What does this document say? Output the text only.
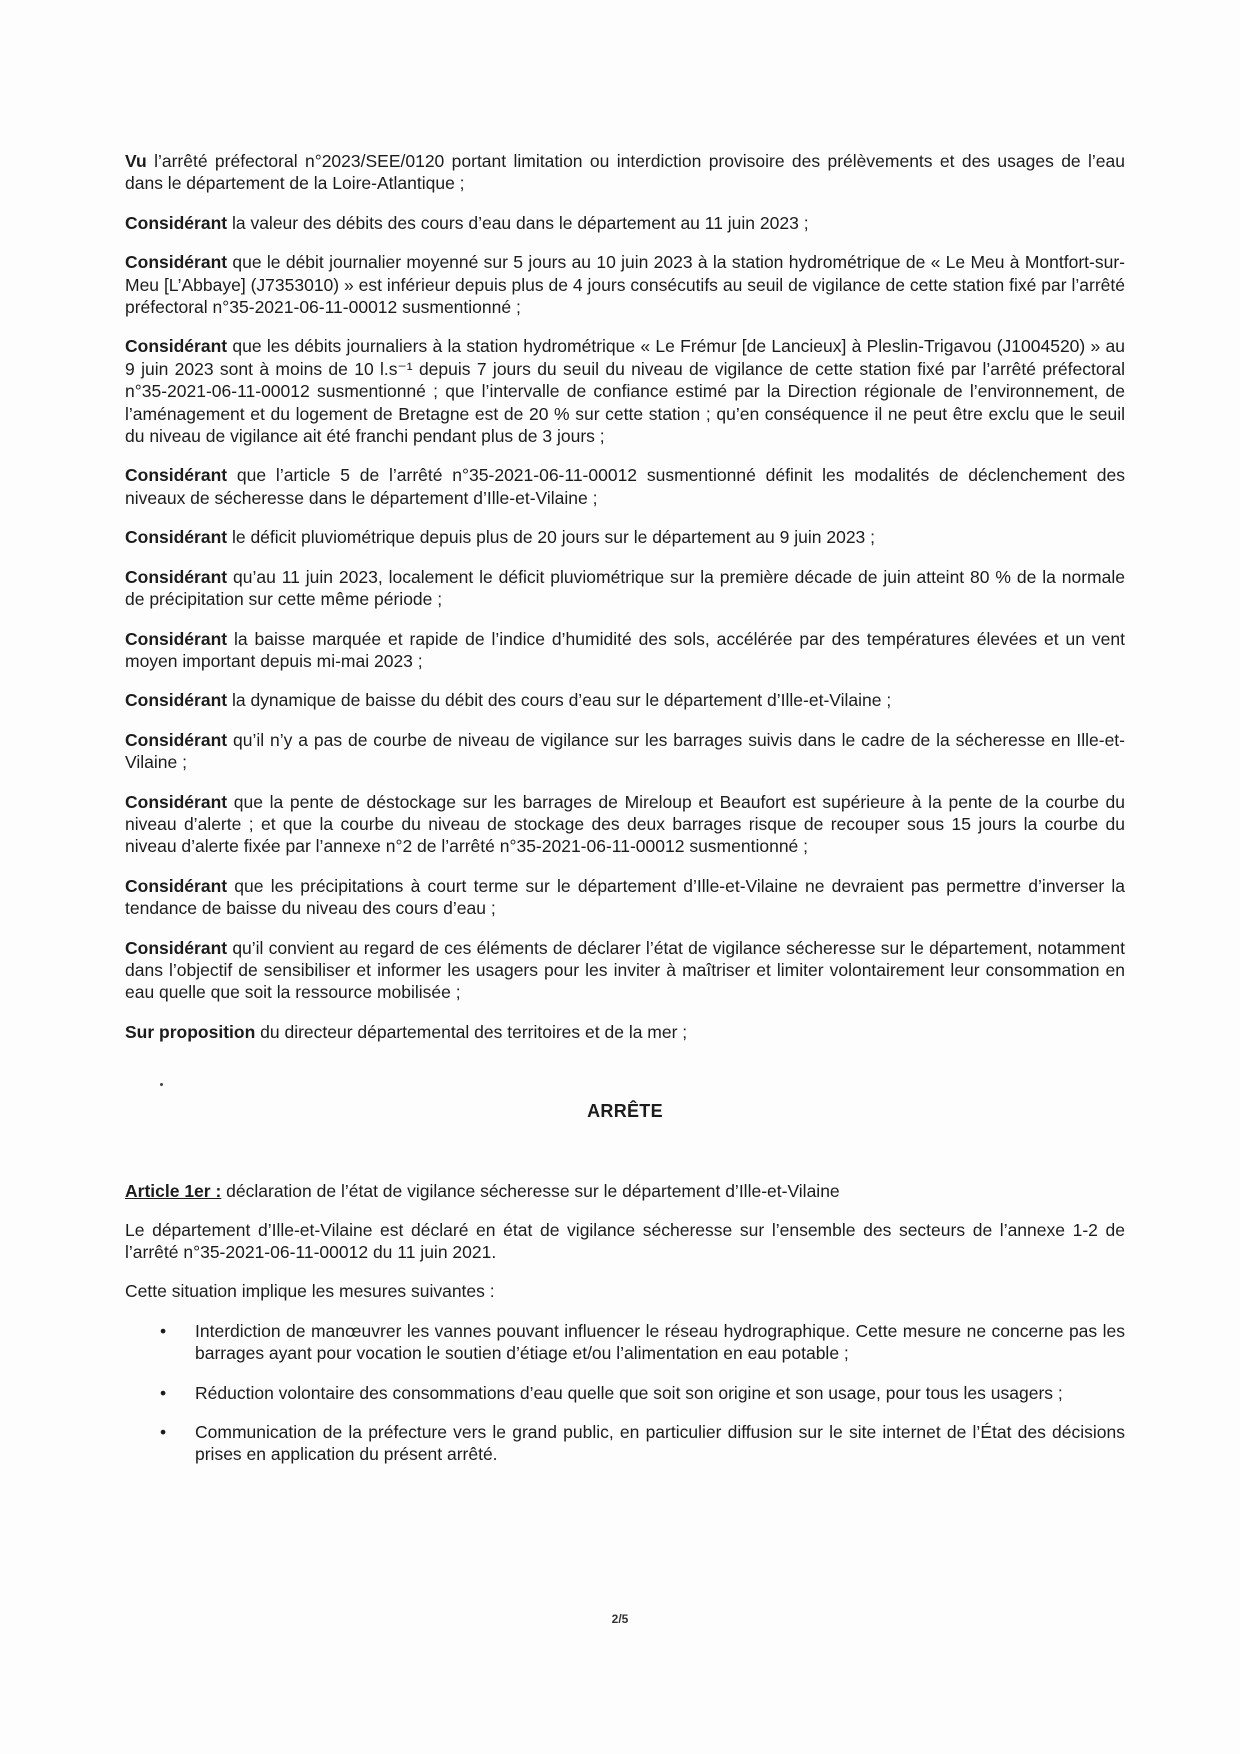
Vu l’arrêté préfectoral n°2023/SEE/0120 portant limitation ou interdiction provisoire des prélèvements et des usages de l’eau dans le département de la Loire-Atlantique ;

Considérant la valeur des débits des cours d’eau dans le département au 11 juin 2023 ;

Considérant que le débit journalier moyenné sur 5 jours au 10 juin 2023 à la station hydrométrique de « Le Meu à Montfort-sur-Meu [L’Abbaye] (J7353010) » est inférieur depuis plus de 4 jours consécutifs au seuil de vigilance de cette station fixé par l’arrêté préfectoral n°35-2021-06-11-00012 susmentionné ;

Considérant que les débits journaliers à la station hydrométrique « Le Frémur [de Lancieux] à Pleslin-Trigavou (J1004520) » au 9 juin 2023 sont à moins de 10 l.s⁻¹ depuis 7 jours du seuil du niveau de vigilance de cette station fixé par l’arrêté préfectoral n°35-2021-06-11-00012 susmentionné ; que l’intervalle de confiance estimé par la Direction régionale de l’environnement, de l’aménagement et du logement de Bretagne est de 20 % sur cette station ; qu’en conséquence il ne peut être exclu que le seuil du niveau de vigilance ait été franchi pendant plus de 3 jours ;

Considérant que l’article 5 de l’arrêté n°35-2021-06-11-00012 susmentionné définit les modalités de déclenchement des niveaux de sécheresse dans le département d’Ille-et-Vilaine ;

Considérant le déficit pluviométrique depuis plus de 20 jours sur le département au 9 juin 2023 ;

Considérant qu’au 11 juin 2023, localement le déficit pluviométrique sur la première décade de juin atteint 80 % de la normale de précipitation sur cette même période ;

Considérant la baisse marquée et rapide de l’indice d’humidité des sols, accélérée par des températures élevées et un vent moyen important depuis mi-mai 2023 ;

Considérant la dynamique de baisse du débit des cours d’eau sur le département d’Ille-et-Vilaine ;

Considérant qu’il n’y a pas de courbe de niveau de vigilance sur les barrages suivis dans le cadre de la sécheresse en Ille-et-Vilaine ;

Considérant que la pente de déstockage sur les barrages de Mireloup et Beaufort est supérieure à la pente de la courbe du niveau d’alerte ; et que la courbe du niveau de stockage des deux barrages risque de recouper sous 15 jours la courbe du niveau d’alerte fixée par l’annexe n°2 de l’arrêté n°35-2021-06-11-00012 susmentionné ;

Considérant que les précipitations à court terme sur le département d’Ille-et-Vilaine ne devraient pas permettre d’inverser la tendance de baisse du niveau des cours d’eau ;

Considérant qu’il convient au regard de ces éléments de déclarer l’état de vigilance sécheresse sur le département, notamment dans l’objectif de sensibiliser et informer les usagers pour les inviter à maîtriser et limiter volontairement leur consommation en eau quelle que soit la ressource mobilisée ;

Sur proposition du directeur départemental des territoires et de la mer ;

ARRÊTE

Article 1er : déclaration de l’état de vigilance sécheresse sur le département d’Ille-et-Vilaine

Le département d’Ille-et-Vilaine est déclaré en état de vigilance sécheresse sur l’ensemble des secteurs de l’annexe 1-2 de l’arrêté n°35-2021-06-11-00012 du 11 juin 2021.

Cette situation implique les mesures suivantes :

• Interdiction de manœuvrer les vannes pouvant influencer le réseau hydrographique. Cette mesure ne concerne pas les barrages ayant pour vocation le soutien d’étiage et/ou l’alimentation en eau potable ;
• Réduction volontaire des consommations d’eau quelle que soit son origine et son usage, pour tous les usagers ;
• Communication de la préfecture vers le grand public, en particulier diffusion sur le site internet de l’État des décisions prises en application du présent arrêté.
2/5
